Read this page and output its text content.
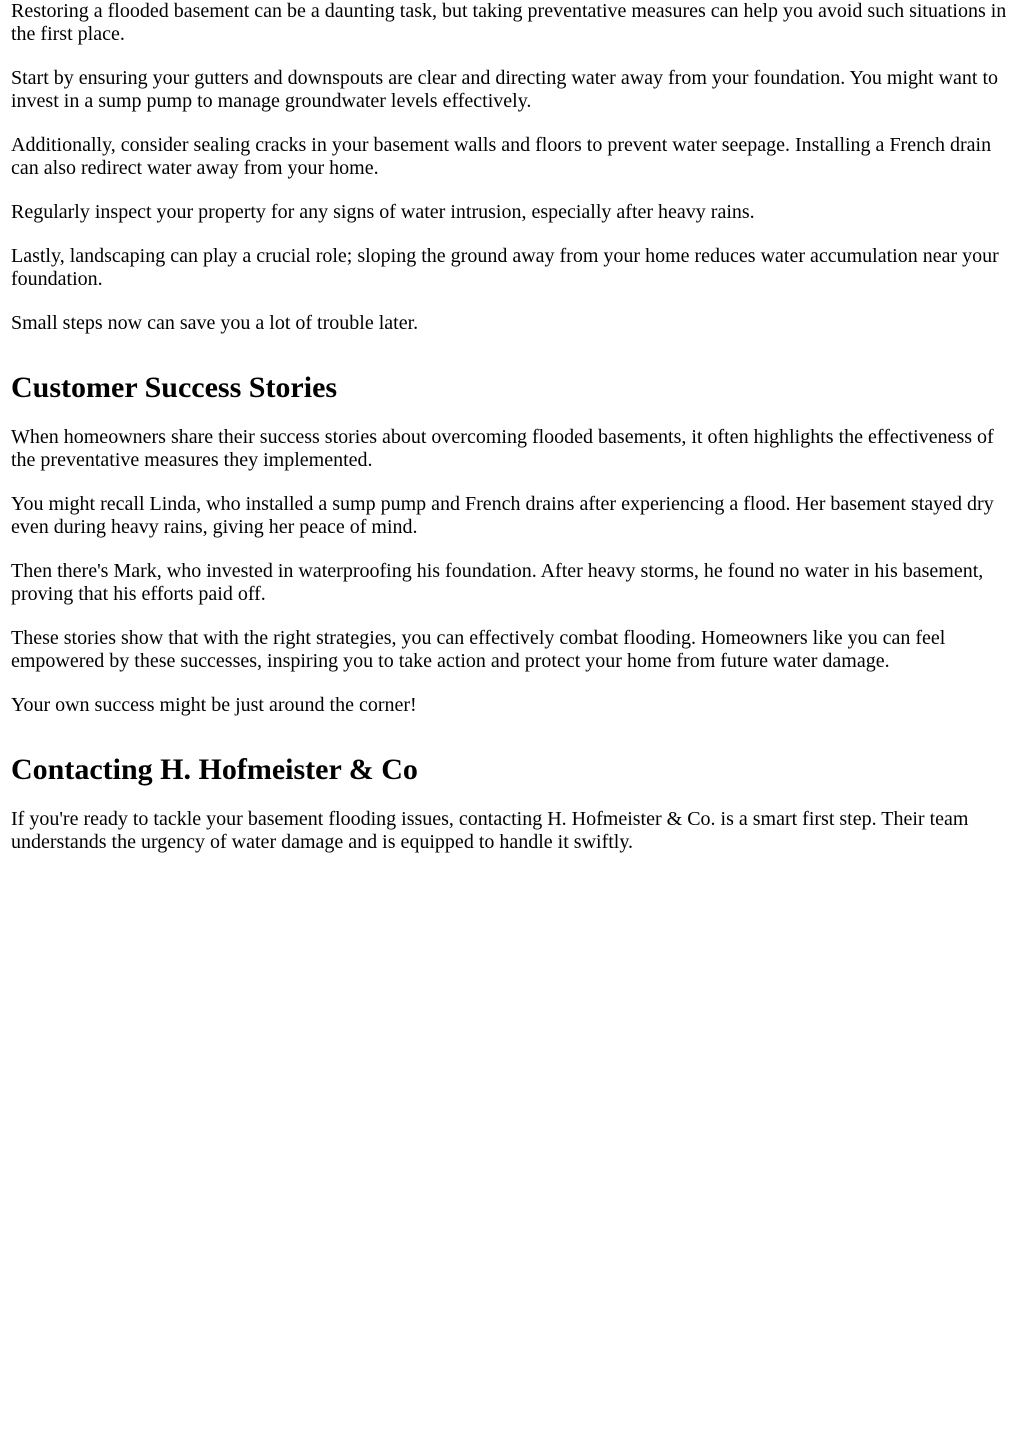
Restoring a flooded basement can be a daunting task, but taking preventative measures can help you avoid such situations in the first place.

Start by ensuring your gutters and downspouts are clear and directing water away from your foundation. You might want to invest in a sump pump to manage groundwater levels effectively.

Additionally, consider sealing cracks in your basement walls and floors to prevent water seepage. Installing a French drain can also redirect water away from your home.

Regularly inspect your property for any signs of water intrusion, especially after heavy rains.

Lastly, landscaping can play a crucial role; sloping the ground away from your home reduces water accumulation near your foundation.

Small steps now can save you a lot of trouble later.

Customer Success Stories

When homeowners share their success stories about overcoming flooded basements, it often highlights the effectiveness of the preventative measures they implemented.

You might recall Linda, who installed a sump pump and French drains after experiencing a flood. Her basement stayed dry even during heavy rains, giving her peace of mind.

Then there's Mark, who invested in waterproofing his foundation. After heavy storms, he found no water in his basement, proving that his efforts paid off.

These stories show that with the right strategies, you can effectively combat flooding. Homeowners like you can feel empowered by these successes, inspiring you to take action and protect your home from future water damage.

Your own success might be just around the corner!

Contacting H. Hofmeister & Co

If you're ready to tackle your basement flooding issues, contacting H. Hofmeister & Co. is a smart first step. Their team understands the urgency of water damage and is equipped to handle it swiftly.
